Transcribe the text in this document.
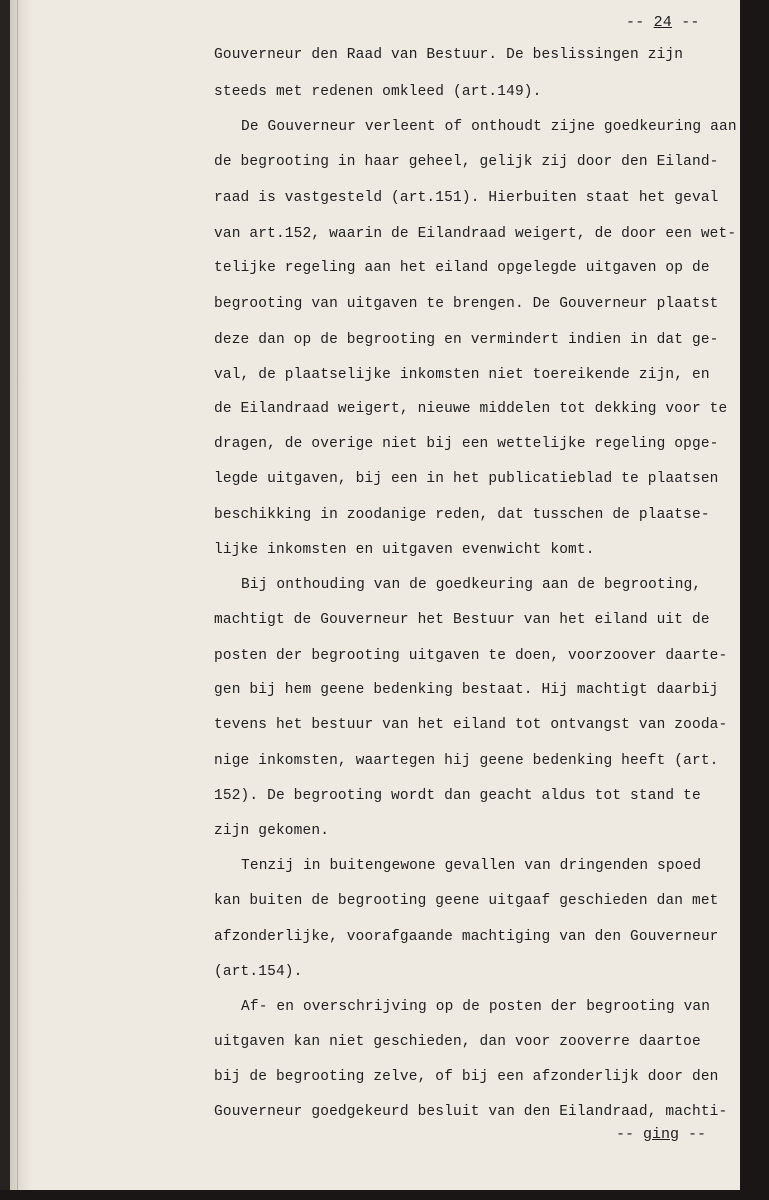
-- 24 --
Gouverneur den Raad van Bestuur. De beslissingen zijn
steeds met redenen omkleed (art.149).
De Gouverneur verleent of onthoudt zijne goedkeuring aan
de begrooting in haar geheel, gelijk zij door den Eiland-
raad is vastgesteld (art.151). Hierbuiten staat het geval
van art.152, waarin de Eilandraad weigert, de door een wet-
telijke regeling aan het eiland opgelegde uitgaven op de
begrooting van uitgaven te brengen. De Gouverneur plaatst
deze dan op de begrooting en vermindert indien in dat ge-
val, de plaatselijke inkomsten niet toereikende zijn, en
de Eilandraad weigert, nieuwe middelen tot dekking voor te
dragen, de overige niet bij een wettelijke regeling opge-
legde uitgaven, bij een in het publicatieblad te plaatsen
beschikking in zoodanige reden, dat tusschen de plaatse-
lijke inkomsten en uitgaven evenwicht komt.
Bij onthouding van de goedkeuring aan de begrooting,
machtigt de Gouverneur het Bestuur van het eiland uit de
posten der begrooting uitgaven te doen, voorzoover daarte-
gen bij hem geene bedenking bestaat. Hij machtigt daarbij
tevens het bestuur van het eiland tot ontvangst van zooda-
nige inkomsten, waartegen hij geene bedenking heeft (art.
152). De begrooting wordt dan geacht aldus tot stand te
zijn gekomen.
Tenzij in buitengewone gevallen van dringenden spoed
kan buiten de begrooting geene uitgaaf geschieden dan met
afzonderlijke, voorafgaande machtiging van den Gouverneur
(art.154).
Af- en overschrijving op de posten der begrooting van
uitgaven kan niet geschieden, dan voor zooverre daartoe
bij de begrooting zelve, of bij een afzonderlijk door den
Gouverneur goedgekeurd besluit van den Eilandraad, machti-
-- ging --
